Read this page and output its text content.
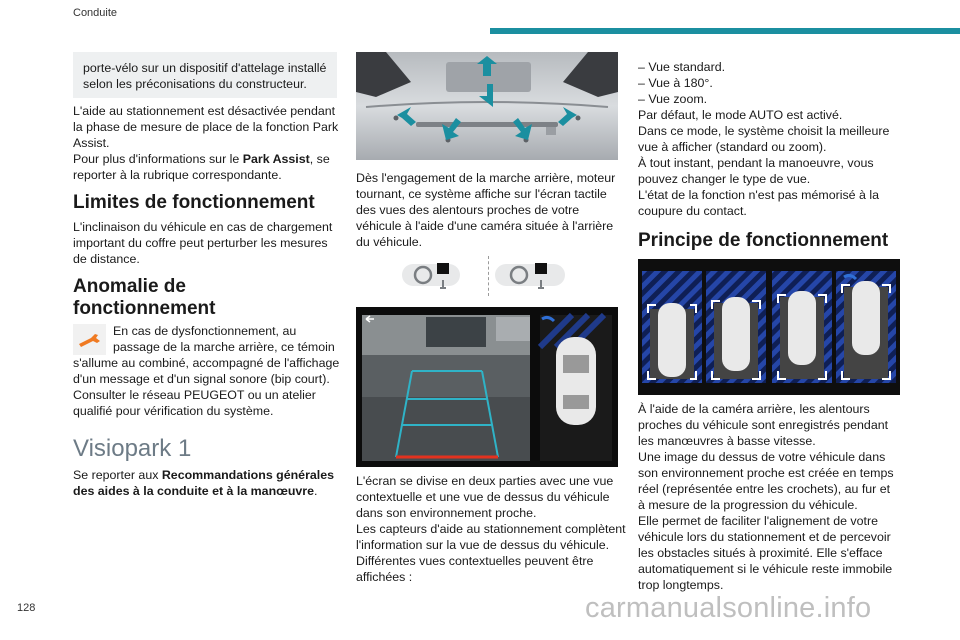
Conduite

porte-vélo sur un dispositif d'attelage installé selon les préconisations du constructeur.

L'aide au stationnement est désactivée pendant la phase de mesure de place de la fonction Park Assist.

Pour plus d'informations sur le Park Assist, se reporter à la rubrique correspondante.

Limites de fonctionnement

L'inclinaison du véhicule en cas de chargement important du coffre peut perturber les mesures de distance.

Anomalie de
fonctionnement

En cas de dysfonctionnement, au

passage de la marche arrière, ce témoin

s'allume au combiné, accompagné de l'affichage d'un message et d'un signal sonore (bip court).

Consulter le réseau PEUGEOT ou un atelier qualifié pour vérification du système.

Visiopark 1

Se reporter aux Recommandations générales des aides à la conduite et à la manœuvre.

Dès l'engagement de la marche arrière, moteur tournant, ce système affiche sur l'écran tactile des vues des alentours proches de votre véhicule à l'aide d'une caméra située à l'arrière du véhicule.

L'écran se divise en deux parties avec une vue contextuelle et une vue de dessus du véhicule dans son environnement proche.

Les capteurs d'aide au stationnement complètent l'information sur la vue de dessus du véhicule.

Différentes vues contextuelles peuvent être affichées :

– Vue standard.

– Vue à 180°.

– Vue zoom.

Par défaut, le mode AUTO est activé.

Dans ce mode, le système choisit la meilleure vue à afficher (standard ou zoom).

À tout instant, pendant la manoeuvre, vous pouvez changer le type de vue.

L'état de la fonction n'est pas mémorisé à la coupure du contact.

Principe de fonctionnement

À l'aide de la caméra arrière, les alentours proches du véhicule sont enregistrés pendant les manœuvres à basse vitesse.

Une image du dessus de votre véhicule dans son environnement proche est créée en temps réel (représentée entre les crochets), au fur et à mesure de la progression du véhicule.

Elle permet de faciliter l'alignement de votre véhicule lors du stationnement et de percevoir les obstacles situés à proximité. Elle s'efface automatiquement si le véhicule reste immobile trop longtemps.

128	carmanualsonline.info
